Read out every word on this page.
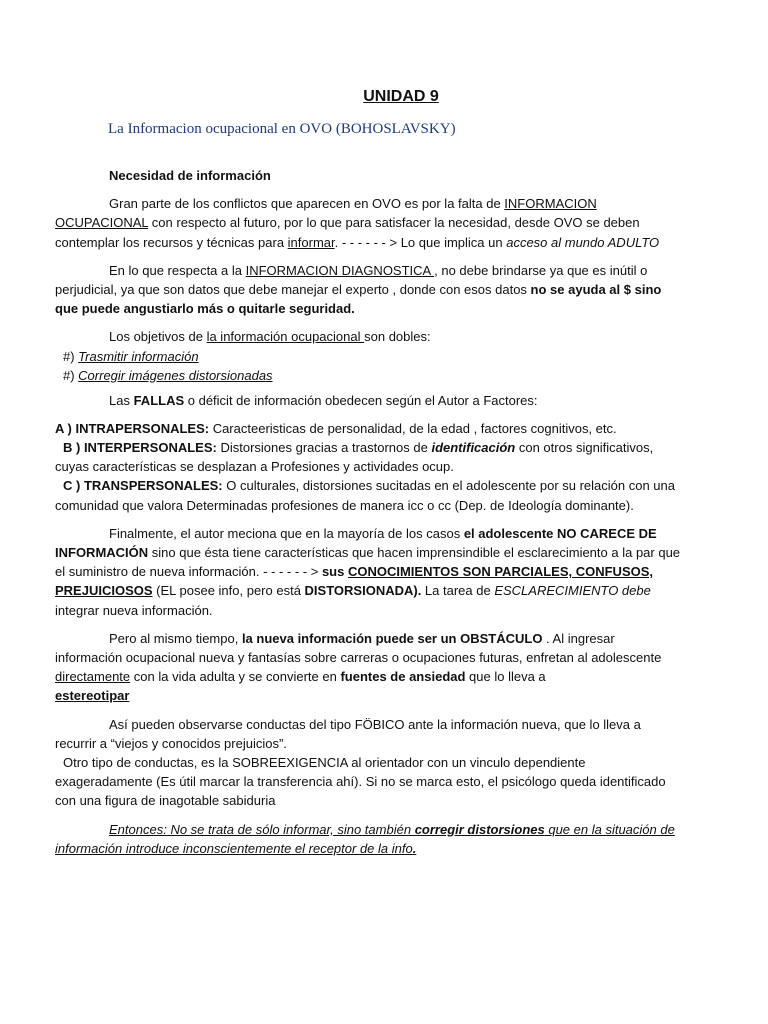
UNIDAD 9
La Informacion ocupacional en OVO (BOHOSLAVSKY)
Necesidad de información

Gran parte de los conflictos que aparecen en OVO es por la falta de INFORMACION OCUPACIONAL con respecto al futuro, por lo que para satisfacer la necesidad, desde OVO se deben contemplar los recursos y técnicas para informar. - - - - - - > Lo que implica un acceso al mundo ADULTO

En lo que respecta a la INFORMACION DIAGNOSTICA , no debe brindarse ya que es inútil o perjudicial, ya que son datos que debe manejar el experto , donde con esos datos no se ayuda al $ sino que puede angustiarlo más o quitarle seguridad.

Los objetivos de la información ocupacional son dobles:
#) Trasmitir información
#) Corregir imágenes distorsionadas
Las FALLAS o déficit de información obedecen según el Autor a Factores:

A ) INTRAPERSONALES: Caracteeristicas de personalidad, de la edad , factores cognitivos, etc.

B ) INTERPERSONALES: Distorsiones gracias a trastornos de identificación con otros significativos, cuyas características se desplazan a Profesiones y actividades ocup.

C ) TRANSPERSONALES: O culturales, distorsiones sucitadas en el adolescente por su relación con una comunidad que valora Determinadas profesiones de manera icc o cc (Dep. de Ideología dominante).

Finalmente, el autor meciona que en la mayoría de los casos el adolescente NO CARECE DE INFORMACIÓN sino que ésta tiene características que hacen imprensindible el esclarecimiento a la par que el suministro de nueva información. - - - - - - > sus CONOCIMIENTOS SON PARCIALES, CONFUSOS, PREJUICIOSOS (EL posee info, pero está DISTORSIONADA). La tarea de ESCLARECIMIENTO debe integrar nueva información.

Pero al mismo tiempo, la nueva información puede ser un OBSTÁCULO . Al ingresar información ocupacional nueva y fantasías sobre carreras o ocupaciones futuras, enfretan al adolescente directamente con la vida adulta y se convierte en fuentes de ansiedad que lo lleva a
estereotipar

Así pueden observarse conductas del tipo FÖBICO ante la información nueva, que lo lleva a recurrir a “viejos y conocidos prejuicios”.

Otro tipo de conductas, es la SOBREEXIGENCIA al orientador con un vinculo dependiente exageradamente (Es útil marcar la transferencia ahí). Si no se marca esto, el psicólogo queda identificado con una figura de inagotable sabiduria

Entonces: No se trata de sólo informar, sino también corregir distorsiones que en la situación de información introduce inconscientemente el receptor de la info.
